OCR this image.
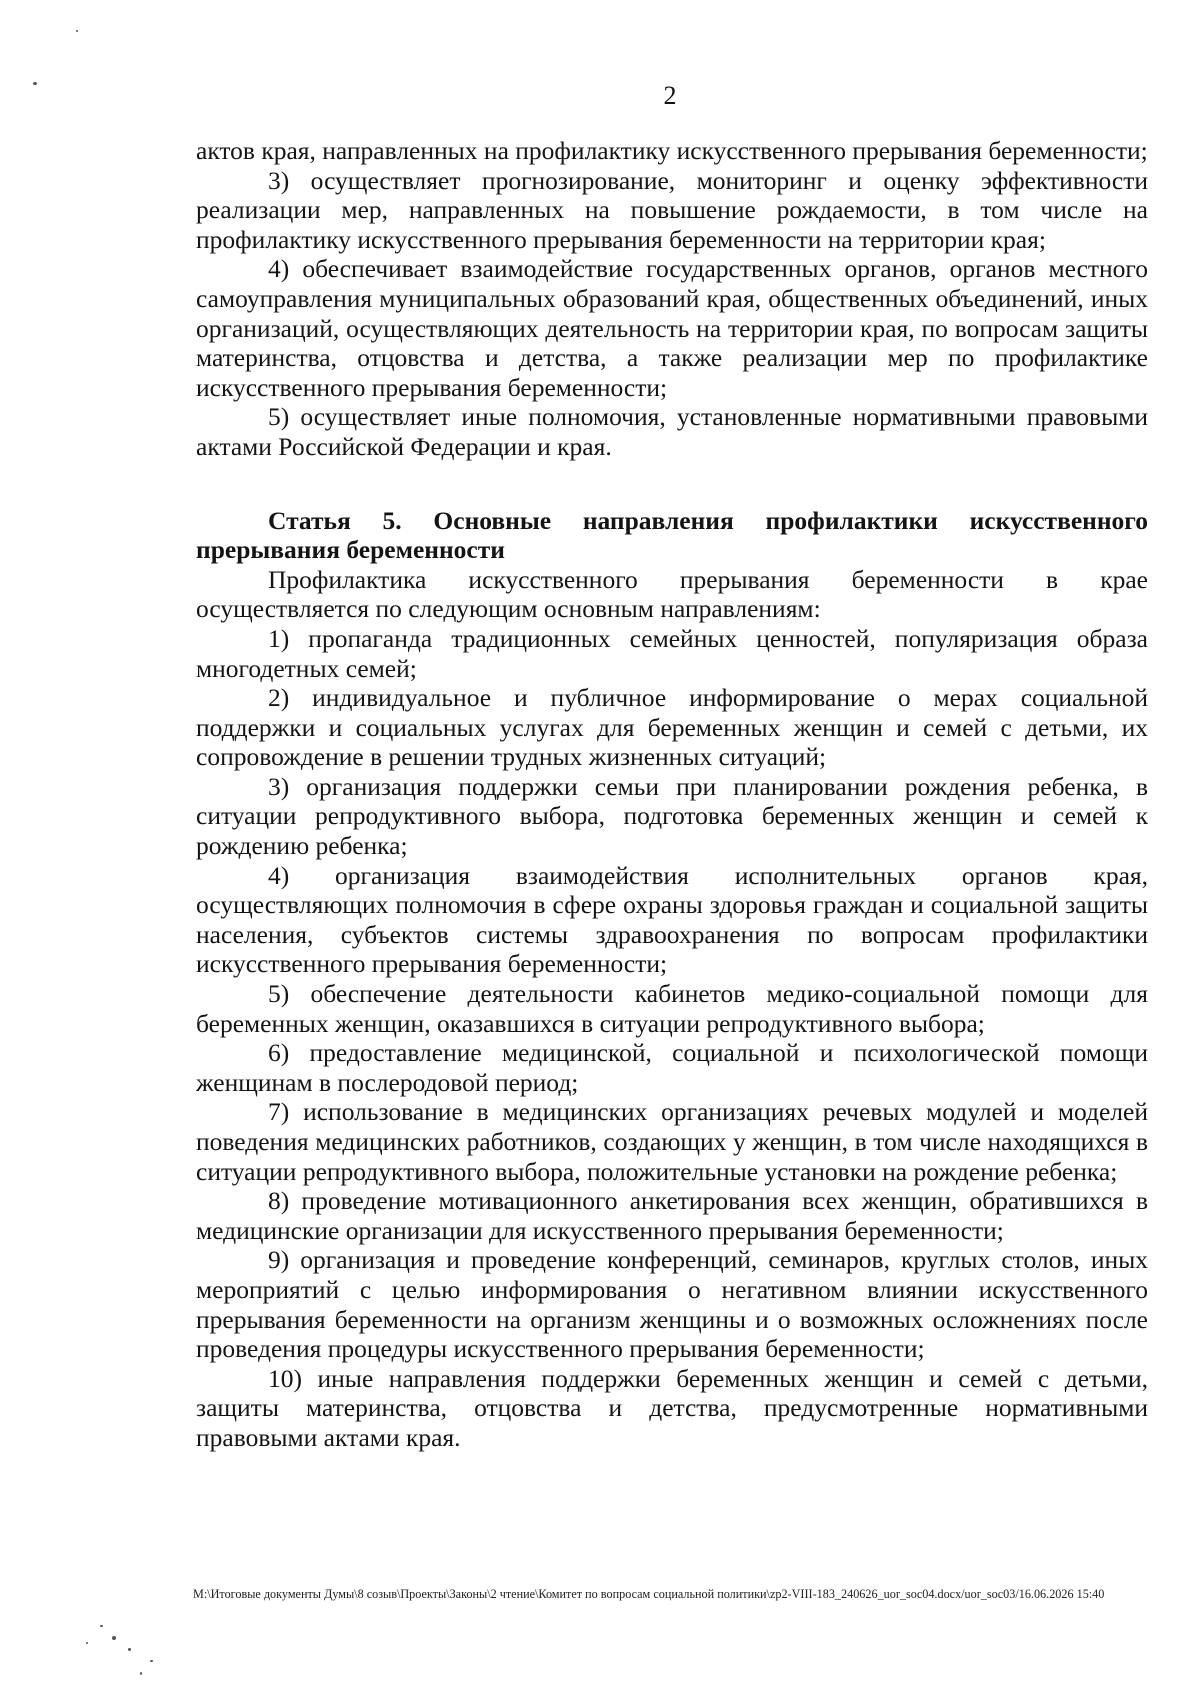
2

актов края, направленных на профилактику искусственного прерывания беременности;

3) осуществляет прогнозирование, мониторинг и оценку эффективности реализации мер, направленных на повышение рождаемости, в том числе на профилактику искусственного прерывания беременности на территории края;

4) обеспечивает взаимодействие государственных органов, органов местного самоуправления муниципальных образований края, общественных объединений, иных организаций, осуществляющих деятельность на территории края, по вопросам защиты материнства, отцовства и детства, а также реализации мер по профилактике искусственного прерывания беременности;

5) осуществляет иные полномочия, установленные нормативными правовыми актами Российской Федерации и края.

Статья 5. Основные направления профилактики искусственного прерывания беременности

Профилактика искусственного прерывания беременности в крае осуществляется по следующим основным направлениям:

1) пропаганда традиционных семейных ценностей, популяризация образа многодетных семей;

2) индивидуальное и публичное информирование о мерах социальной поддержки и социальных услугах для беременных женщин и семей с детьми, их сопровождение в решении трудных жизненных ситуаций;

3) организация поддержки семьи при планировании рождения ребенка, в ситуации репродуктивного выбора, подготовка беременных женщин и семей к рождению ребенка;

4) организация взаимодействия исполнительных органов края, осуществляющих полномочия в сфере охраны здоровья граждан и социальной защиты населения, субъектов системы здравоохранения по вопросам профилактики искусственного прерывания беременности;

5) обеспечение деятельности кабинетов медико-социальной помощи для беременных женщин, оказавшихся в ситуации репродуктивного выбора;

6) предоставление медицинской, социальной и психологической помощи женщинам в послеродовой период;

7) использование в медицинских организациях речевых модулей и моделей поведения медицинских работников, создающих у женщин, в том числе находящихся в ситуации репродуктивного выбора, положительные установки на рождение ребенка;

8) проведение мотивационного анкетирования всех женщин, обратившихся в медицинские организации для искусственного прерывания беременности;

9) организация и проведение конференций, семинаров, круглых столов, иных мероприятий с целью информирования о негативном влиянии искусственного прерывания беременности на организм женщины и о возможных осложнениях после проведения процедуры искусственного прерывания беременности;

10) иные направления поддержки беременных женщин и семей с детьми, защиты материнства, отцовства и детства, предусмотренные нормативными правовыми актами края.

M:\Итоговые документы Думы\8 созыв\Проекты\Законы\2 чтение\Комитет по вопросам социальной политики\zp2-VIII-183_240626_uor_soc04.docx/uor_soc03/16.06.2026 15:40
